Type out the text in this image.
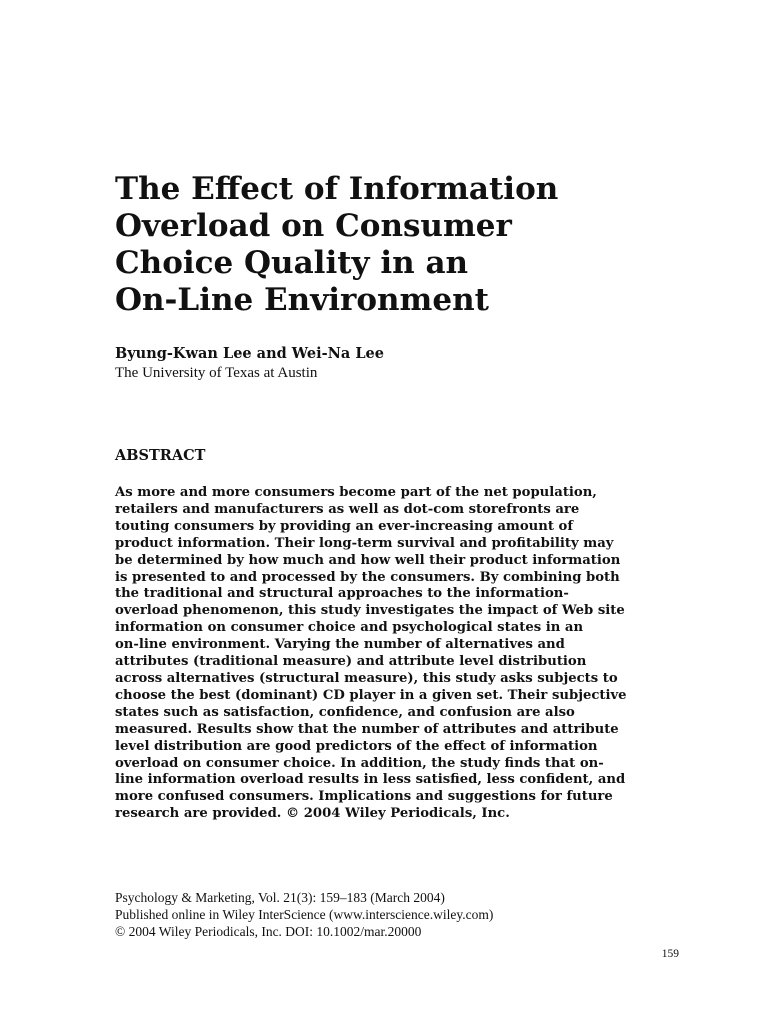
The Effect of Information
Overload on Consumer
Choice Quality in an
On-Line Environment

Byung-Kwan Lee and Wei-Na Lee

The University of Texas at Austin

ABSTRACT

As more and more consumers become part of the net population,
retailers and manufacturers as well as dot-com storefronts are
touting consumers by providing an ever-increasing amount of
product information. Their long-term survival and profitability may
be determined by how much and how well their product information
is presented to and processed by the consumers. By combining both
the traditional and structural approaches to the information-
overload phenomenon, this study investigates the impact of Web site
information on consumer choice and psychological states in an
on-line environment. Varying the number of alternatives and
attributes (traditional measure) and attribute level distribution
across alternatives (structural measure), this study asks subjects to
choose the best (dominant) CD player in a given set. Their subjective
states such as satisfaction, confidence, and confusion are also
measured. Results show that the number of attributes and attribute
level distribution are good predictors of the effect of information
overload on consumer choice. In addition, the study finds that on-
line information overload results in less satisfied, less confident, and
more confused consumers. Implications and suggestions for future
research are provided. © 2004 Wiley Periodicals, Inc.

Psychology & Marketing, Vol. 21(3): 159–183 (March 2004)
Published online in Wiley InterScience (www.interscience.wiley.com)
© 2004 Wiley Periodicals, Inc. DOI: 10.1002/mar.20000

159
